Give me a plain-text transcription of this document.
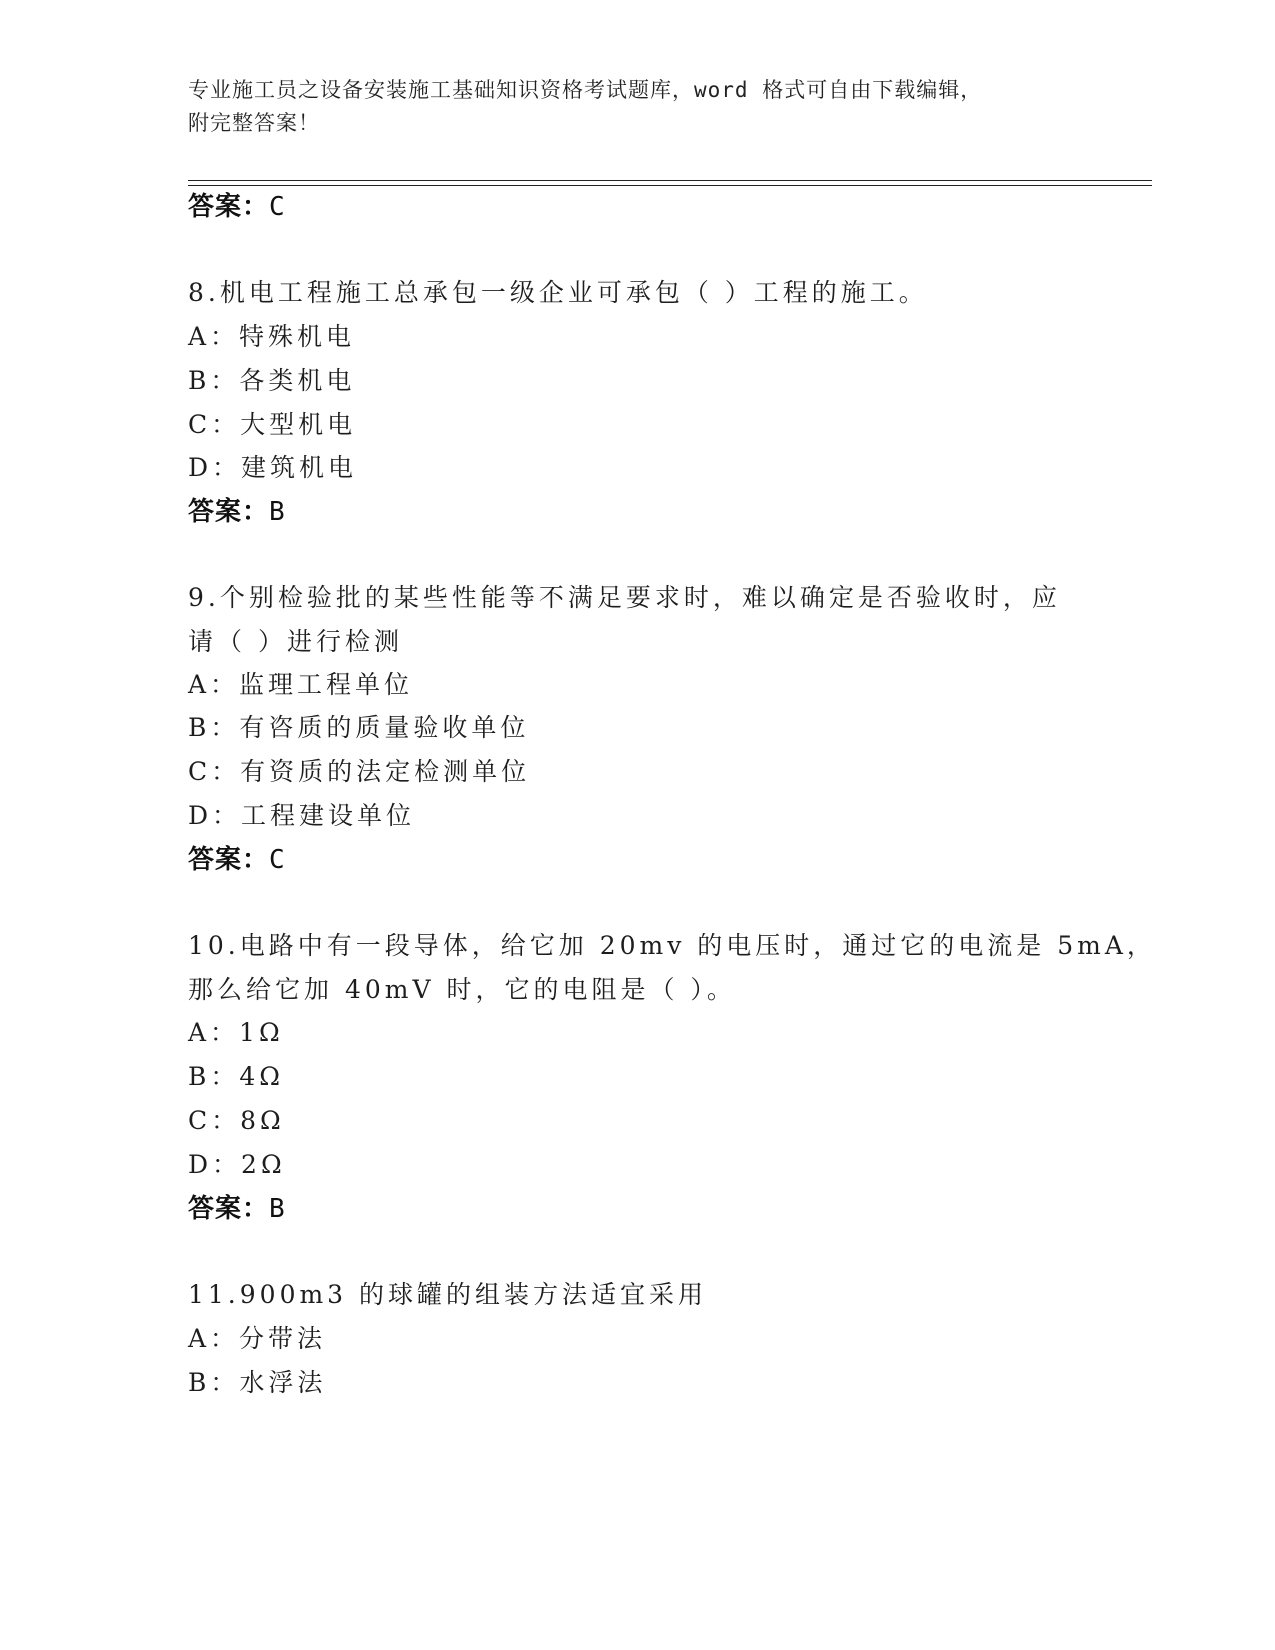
专业施工员之设备安装施工基础知识资格考试题库，word 格式可自由下载编辑，
附完整答案！
答案：C
8.机电工程施工总承包一级企业可承包（ ）工程的施工。
A：特殊机电
B：各类机电
C：大型机电
D：建筑机电
答案：B
9.个别检验批的某些性能等不满足要求时，难以确定是否验收时，应
请（ ）进行检测
A：监理工程单位
B：有咨质的质量验收单位
C：有资质的法定检测单位
D：工程建设单位
答案：C
10.电路中有一段导体，给它加 20mv 的电压时，通过它的电流是 5mA，
那么给它加 40mV 时，它的电阻是（ ）。
A：1Ω
B：4Ω
C：8Ω
D：2Ω
答案：B
11.900m3 的球罐的组装方法适宜采用
A：分带法
B：水浮法
